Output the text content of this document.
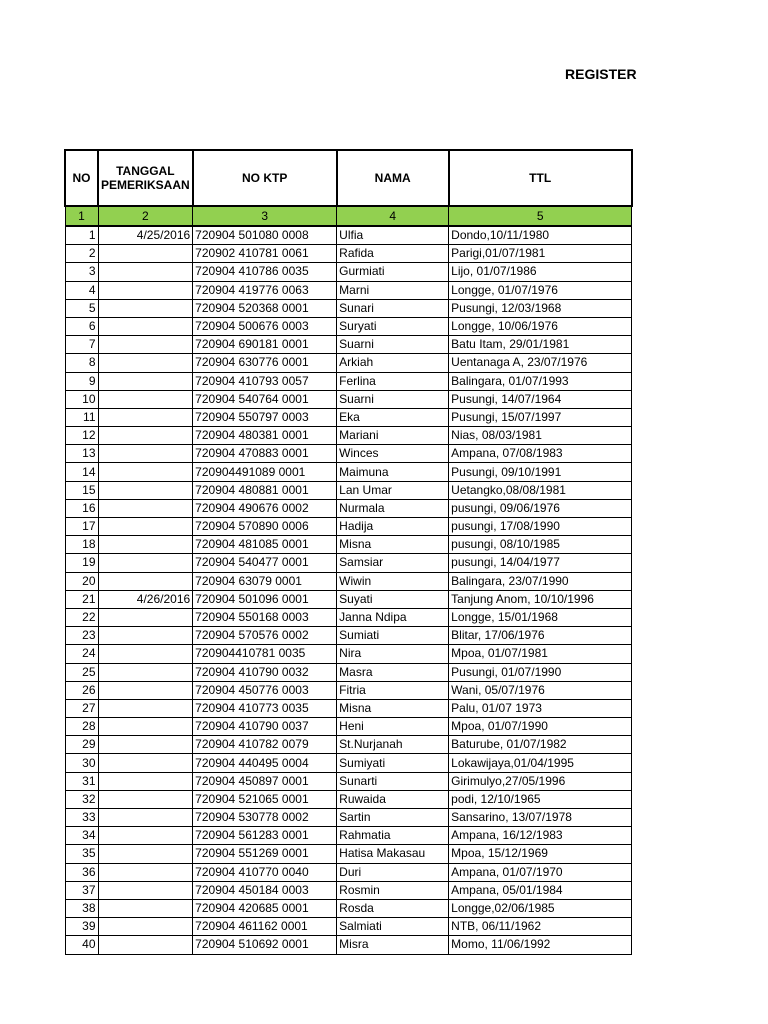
REGISTER
NO	TANGGAL PEMERIKSAAN	NO KTP	NAMA	TTL
1	2	3	4	5
1	4/25/2016	720904 501080 0008	Ulfia	Dondo,10/11/1980
2		720902 410781 0061	Rafida	Parigi,01/07/1981
3		720904 410786 0035	Gurmiati	Lijo, 01/07/1986
4		720904 419776 0063	Marni	Longge, 01/07/1976
5		720904 520368 0001	Sunari	Pusungi, 12/03/1968
6		720904 500676 0003	Suryati	Longge, 10/06/1976
7		720904 690181 0001	Suarni	Batu Itam, 29/01/1981
8		720904 630776 0001	Arkiah	Uentanaga A, 23/07/1976
9		720904 410793 0057	Ferlina	Balingara, 01/07/1993
10		720904 540764 0001	Suarni	Pusungi, 14/07/1964
11		720904 550797 0003	Eka	Pusungi, 15/07/1997
12		720904 480381 0001	Mariani	Nias, 08/03/1981
13		720904 470883 0001	Winces	Ampana, 07/08/1983
14		720904491089 0001	Maimuna	Pusungi, 09/10/1991
15		720904 480881 0001	Lan Umar	Uetangko,08/08/1981
16		720904 490676 0002	Nurmala	pusungi, 09/06/1976
17		720904 570890 0006	Hadija	pusungi, 17/08/1990
18		720904 481085 0001	Misna	pusungi, 08/10/1985
19		720904 540477 0001	Samsiar	pusungi, 14/04/1977
20		720904 63079 0001	Wiwin	Balingara, 23/07/1990
21	4/26/2016	720904 501096 0001	Suyati	Tanjung Anom, 10/10/1996
22		720904 550168 0003	Janna Ndipa	Longge, 15/01/1968
23		720904 570576 0002	Sumiati	Blitar, 17/06/1976
24		720904410781 0035	Nira	Mpoa, 01/07/1981
25		720904 410790 0032	Masra	Pusungi, 01/07/1990
26		720904 450776 0003	Fitria	Wani, 05/07/1976
27		720904 410773 0035	Misna	Palu, 01/07 1973
28		720904 410790 0037	Heni	Mpoa, 01/07/1990
29		720904 410782 0079	St.Nurjanah	Baturube, 01/07/1982
30		720904 440495 0004	Sumiyati	Lokawijaya,01/04/1995
31		720904 450897 0001	Sunarti	Girimulyo,27/05/1996
32		720904 521065 0001	Ruwaida	podi, 12/10/1965
33		720904 530778 0002	Sartin	Sansarino, 13/07/1978
34		720904 561283 0001	Rahmatia	Ampana, 16/12/1983
35		720904 551269 0001	Hatisa Makasau	Mpoa, 15/12/1969
36		720904 410770 0040	Duri	Ampana, 01/07/1970
37		720904 450184 0003	Rosmin	Ampana, 05/01/1984
38		720904 420685 0001	Rosda	Longge,02/06/1985
39		720904 461162 0001	Salmiati	NTB, 06/11/1962
40		720904 510692 0001	Misra	Momo, 11/06/1992
